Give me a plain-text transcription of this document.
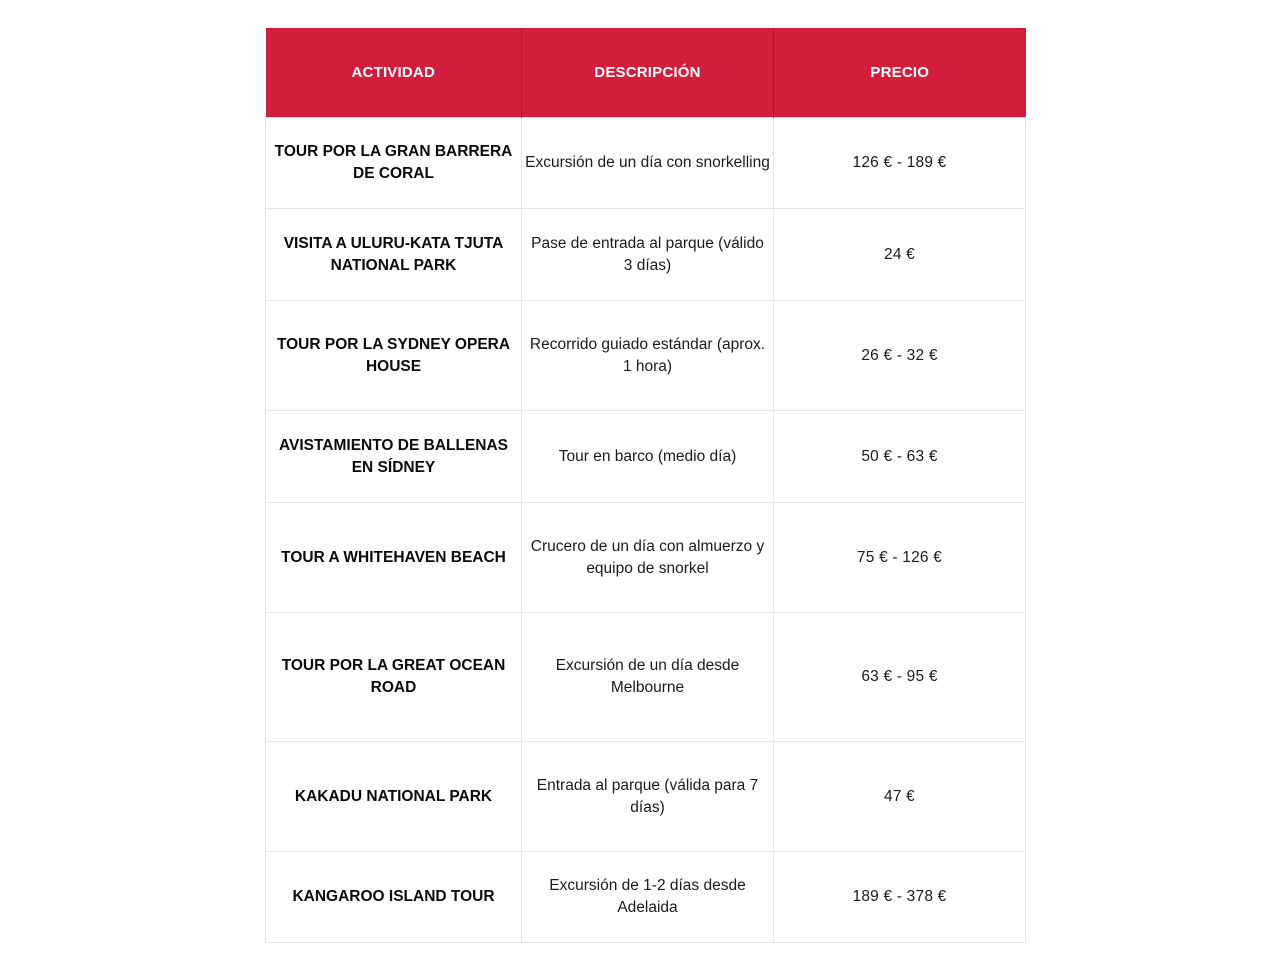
ACTIVIDAD	DESCRIPCIÓN	PRECIO
TOUR POR LA GRAN BARRERA DE CORAL	Excursión de un día con snorkelling	126 € - 189 €
VISITA A ULURU-KATA TJUTA NATIONAL PARK	Pase de entrada al parque (válido 3 días)	24 €
TOUR POR LA SYDNEY OPERA HOUSE	Recorrido guiado estándar (aprox. 1 hora)	26 € - 32 €
AVISTAMIENTO DE BALLENAS EN SÍDNEY	Tour en barco (medio día)	50 € - 63 €
TOUR A WHITEHAVEN BEACH	Crucero de un día con almuerzo y equipo de snorkel	75 € - 126 €
TOUR POR LA GREAT OCEAN ROAD	Excursión de un día desde Melbourne	63 € - 95 €
KAKADU NATIONAL PARK	Entrada al parque (válida para 7 días)	47 €
KANGAROO ISLAND TOUR	Excursión de 1-2 días desde Adelaida	189 € - 378 €
